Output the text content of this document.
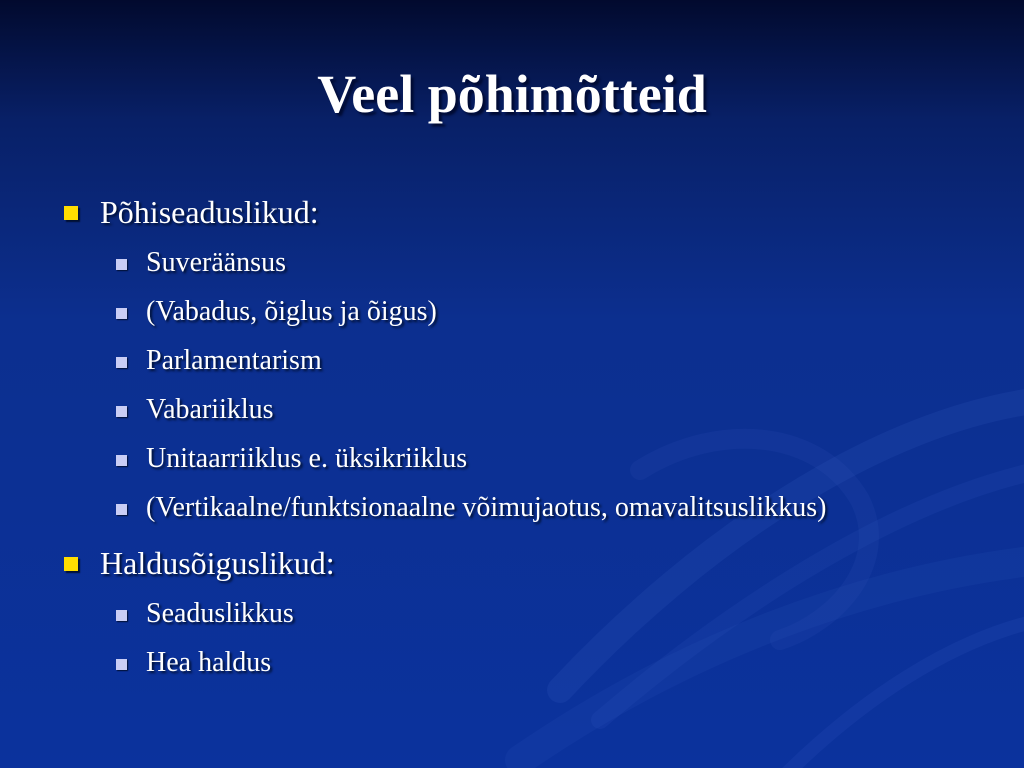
Veel põhimõtteid
Põhiseaduslikud:
Suveräänsus
(Vabadus, õiglus ja õigus)
Parlamentarism
Vabariiklus
Unitaarriiklus e. üksikriiklus
(Vertikaalne/funktsionaalne võimujaotus, omavalitsuslikkus)
Haldusõiguslikud:
Seaduslikkus
Hea haldus
